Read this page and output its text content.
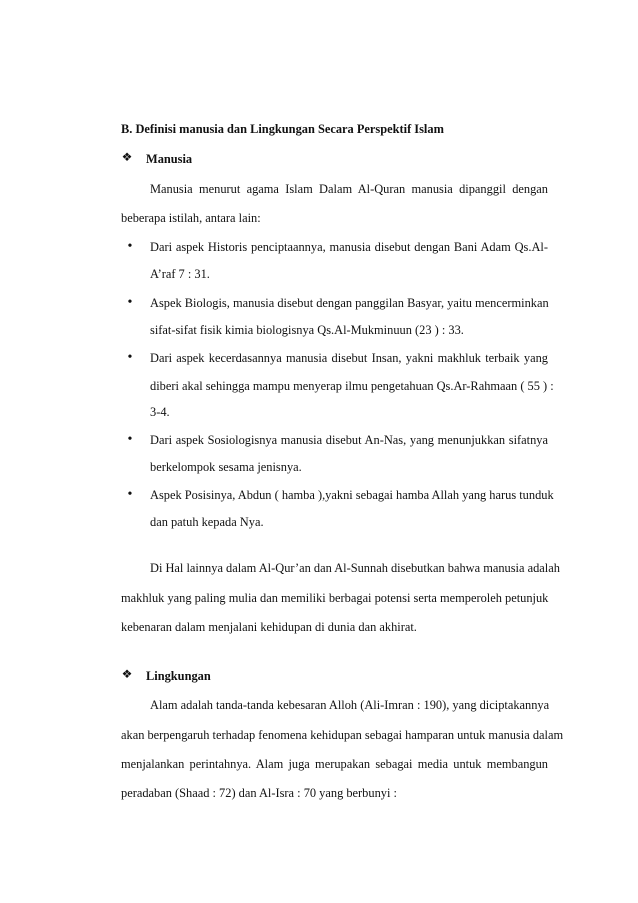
B. Definisi manusia dan Lingkungan Secara Perspektif Islam
❖ Manusia
Manusia menurut agama Islam Dalam Al-Quran manusia dipanggil dengan
beberapa istilah, antara lain:
• Dari aspek Historis penciptaannya, manusia disebut dengan Bani Adam Qs.Al-
A’raf 7 : 31.
• Aspek Biologis, manusia disebut dengan panggilan Basyar, yaitu mencerminkan
sifat-sifat fisik kimia biologisnya Qs.Al-Mukminuun (23 ) : 33.
• Dari aspek kecerdasannya manusia disebut Insan, yakni makhluk terbaik yang
diberi akal sehingga mampu menyerap ilmu pengetahuan Qs.Ar-Rahmaan ( 55 ) :
3-4.
• Dari aspek Sosiologisnya manusia disebut An-Nas, yang menunjukkan sifatnya
berkelompok sesama jenisnya.
• Aspek Posisinya, Abdun ( hamba ),yakni sebagai hamba Allah yang harus tunduk
dan patuh kepada Nya.
Di Hal lainnya dalam Al-Qur’an dan Al-Sunnah disebutkan bahwa manusia adalah
makhluk yang paling mulia dan memiliki berbagai potensi serta memperoleh petunjuk
kebenaran dalam menjalani kehidupan di dunia dan akhirat.
❖ Lingkungan
Alam adalah tanda-tanda kebesaran Alloh (Ali-Imran : 190), yang diciptakannya
akan berpengaruh terhadap fenomena kehidupan sebagai hamparan untuk manusia dalam
menjalankan perintahnya. Alam juga merupakan sebagai media untuk membangun
peradaban (Shaad : 72) dan Al-Isra : 70 yang berbunyi :
